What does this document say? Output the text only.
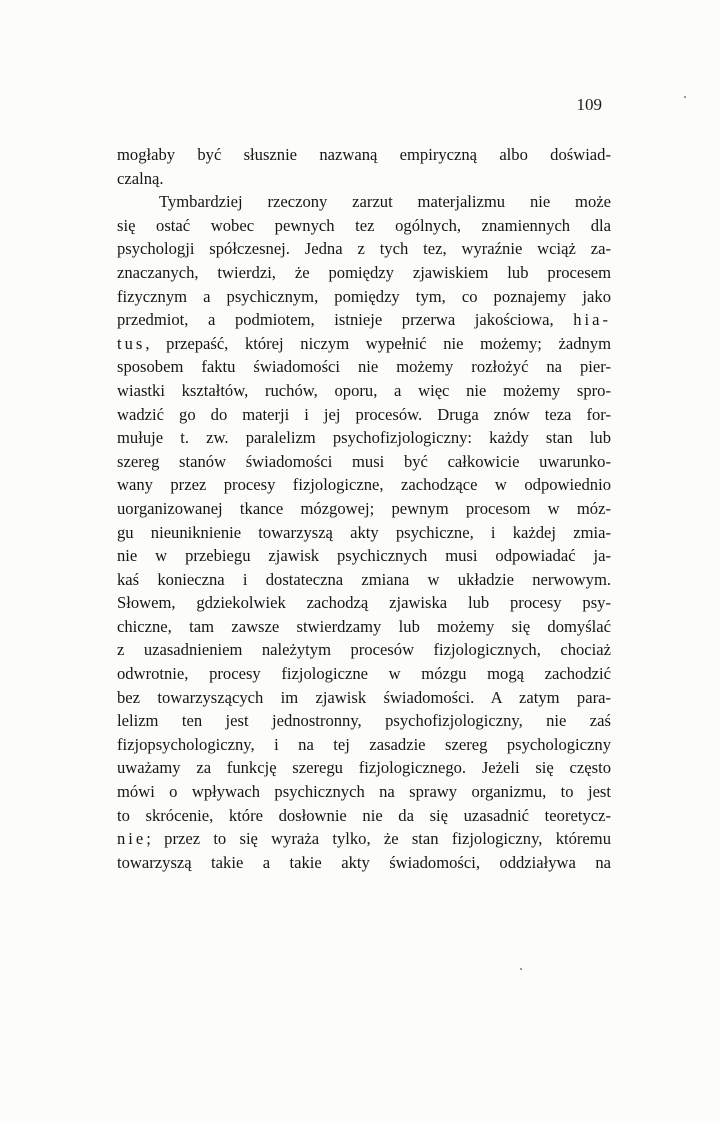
109
mogłaby być słusznie nazwaną empiryczną albo doświad-
czalną.
Tymbardziej rzeczony zarzut materjalizmu nie może
się ostać wobec pewnych tez ogólnych, znamiennych dla
psychologji spółczesnej. Jedna z tych tez, wyraźnie wciąż za-
znaczanych, twierdzi, że pomiędzy zjawiskiem lub procesem
fizycznym a psychicznym, pomiędzy tym, co poznajemy jako
przedmiot, a podmiotem, istnieje przerwa jakościowa, hia-
tus, przepaść, której niczym wypełnić nie możemy; żadnym
sposobem faktu świadomości nie możemy rozłożyć na pier-
wiastki kształtów, ruchów, oporu, a więc nie możemy spro-
wadzić go do materji i jej procesów. Druga znów teza for-
mułuje t. zw. paralelizm psychofizjologiczny: każdy stan lub
szereg stanów świadomości musi być całkowicie uwarunko-
wany przez procesy fizjologiczne, zachodzące w odpowiednio
uorganizowanej tkance mózgowej; pewnym procesom w móz-
gu nieuniknienie towarzyszą akty psychiczne, i każdej zmia-
nie w przebiegu zjawisk psychicznych musi odpowiadać ja-
kaś konieczna i dostateczna zmiana w układzie nerwowym.
Słowem, gdziekolwiek zachodzą zjawiska lub procesy psy-
chiczne, tam zawsze stwierdzamy lub możemy się domyślać
z uzasadnieniem należytym procesów fizjologicznych, chociaż
odwrotnie, procesy fizjologiczne w mózgu mogą zachodzić
bez towarzyszących im zjawisk świadomości. A zatym para-
lelizm ten jest jednostronny, psychofizjologiczny, nie zaś
fizjopsychologiczny, i na tej zasadzie szereg psychologiczny
uważamy za funkcję szeregu fizjologicznego. Jeżeli się często
mówi o wpływach psychicznych na sprawy organizmu, to jest
to skrócenie, które dosłownie nie da się uzasadnić teoretycz-
nie; przez to się wyraża tylko, że stan fizjologiczny, któremu
towarzyszą takie a takie akty świadomości, oddziaływa na
